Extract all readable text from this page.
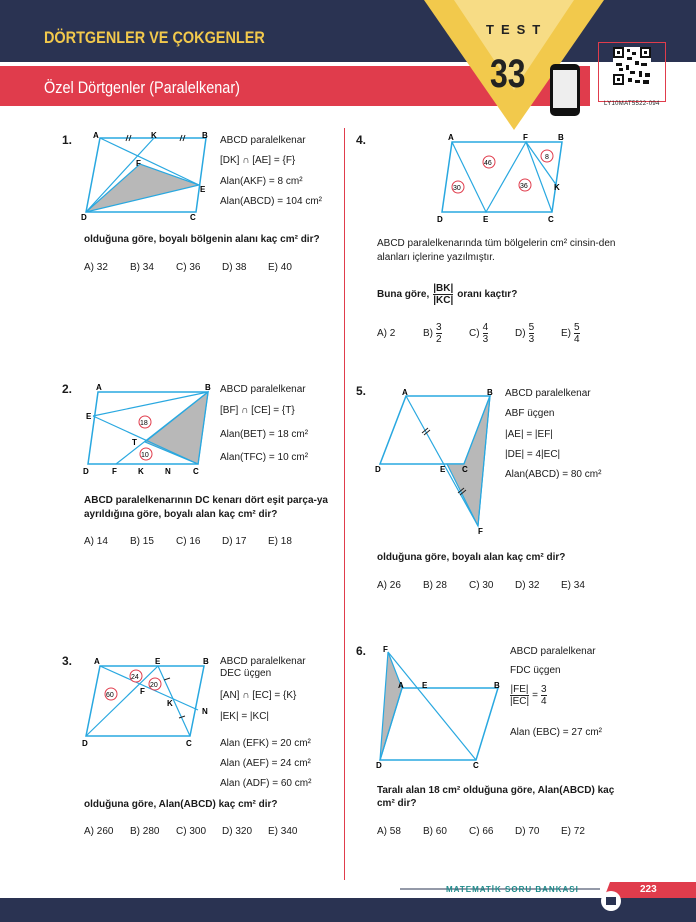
DÖRTGENLER VE ÇOKGENLER
Özel Dörtgenler (Paralelkenar)
TEST
33
LY10MAT5522-094
1.	A	K	B
F
E
D	C
ABCD paralelkenar
[DK] ∩ [AE] = {F}
Alan(AKF) = 8 cm²
Alan(ABCD) = 104 cm²
olduğuna göre, boyalı bölgenin alanı kaç cm² dir?
A) 32	B) 34	C) 36	D) 38	E) 40
2.	A	B
E
T
D	F	K	N	C
18
10
ABCD paralelkenar
[BF] ∩ [CE] = {T}
Alan(BET) = 18 cm²
Alan(TFC) = 10 cm²
ABCD paralelkenarının DC kenarı dört eşit parça-ya ayrıldığına göre, boyalı alan kaç cm² dir?
A) 14	B) 15	C) 16	D) 17	E) 18
3.	A	E	B
F
K
N
D	C
24
20
60
ABCD paralelkenar
DEC üçgen
[AN] ∩ [EC] = {K}
|EK| = |KC|
Alan (EFK) = 20 cm²
Alan (AEF) = 24 cm²
Alan (ADF) = 60 cm²
olduğuna göre, Alan(ABCD) kaç cm² dir?
A) 260	B) 280	C) 300	D) 320	E) 340
4.	A	F	B
K
D	E	C
46
8
30	36
ABCD paralelkenarında tüm bölgelerin cm² cinsin-den alanları içlerine yazılmıştır.
Buna göre, $\frac{|BK|}{|KC|}$ oranı kaçtır?
A) 2	B)
3
2
C)
4
3
D)
5
3
E)
5
4
5.	A	B
D	E C
F
ABCD paralelkenar
ABF üçgen
|AE| = |EF|
|DE| = 4|EC|
Alan(ABCD) = 80 cm²
olduğuna göre, boyalı alan kaç cm² dir?
A) 26	B) 28	C) 30	D) 32	E) 34
6. F
A E	B
D	C
ABCD paralelkenar
FDC üçgen
$\frac{|FE|}{|EC|} = \frac{3}{4}$
Alan (EBC) = 27 cm²
Taralı alan 18 cm² olduğuna göre, Alan(ABCD) kaç cm² dir?
A) 58	B) 60	C) 66	D) 70	E) 72
MATEMATİK SORU BANKASI	223
